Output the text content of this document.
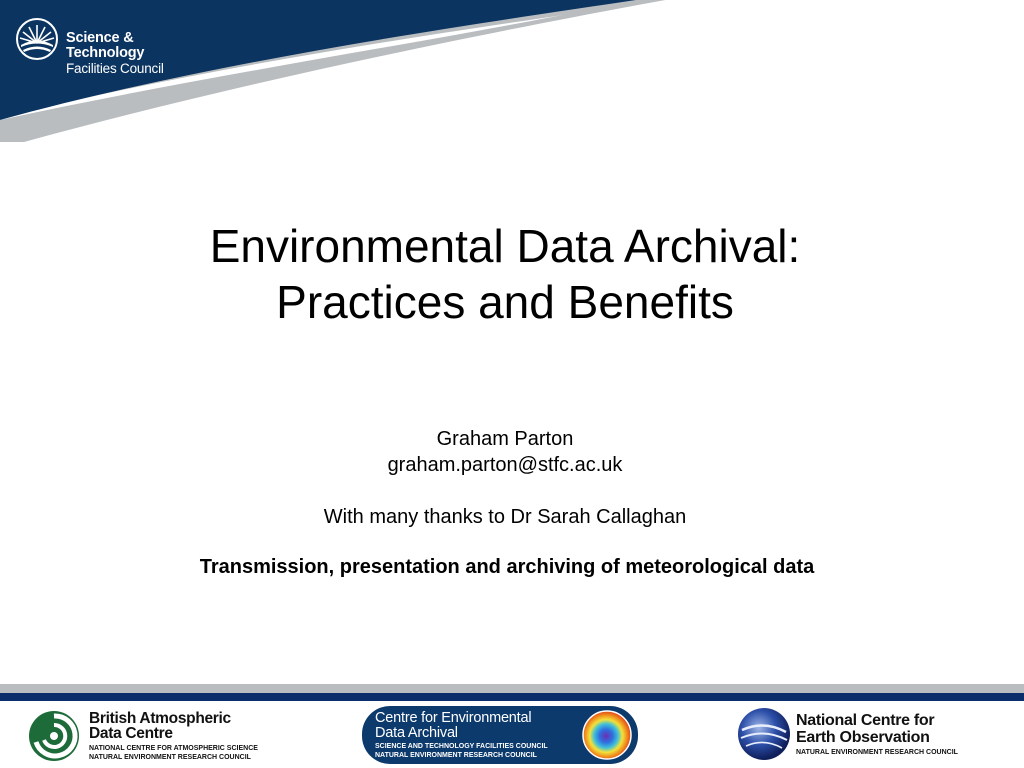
Science & Technology
Facilities Council
Environmental Data Archival:
Practices and Benefits
Graham Parton
graham.parton@stfc.ac.uk
With many thanks to Dr Sarah Callaghan
Transmission, presentation and archiving of meteorological data
British Atmospheric
Data Centre
NATIONAL CENTRE FOR ATMOSPHERIC SCIENCE
NATURAL ENVIRONMENT RESEARCH COUNCIL
Centre for Environmental
Data Archival
SCIENCE AND TECHNOLOGY FACILITIES COUNCIL
NATURAL ENVIRONMENT RESEARCH COUNCIL
National Centre for
Earth Observation
NATURAL ENVIRONMENT RESEARCH COUNCIL
